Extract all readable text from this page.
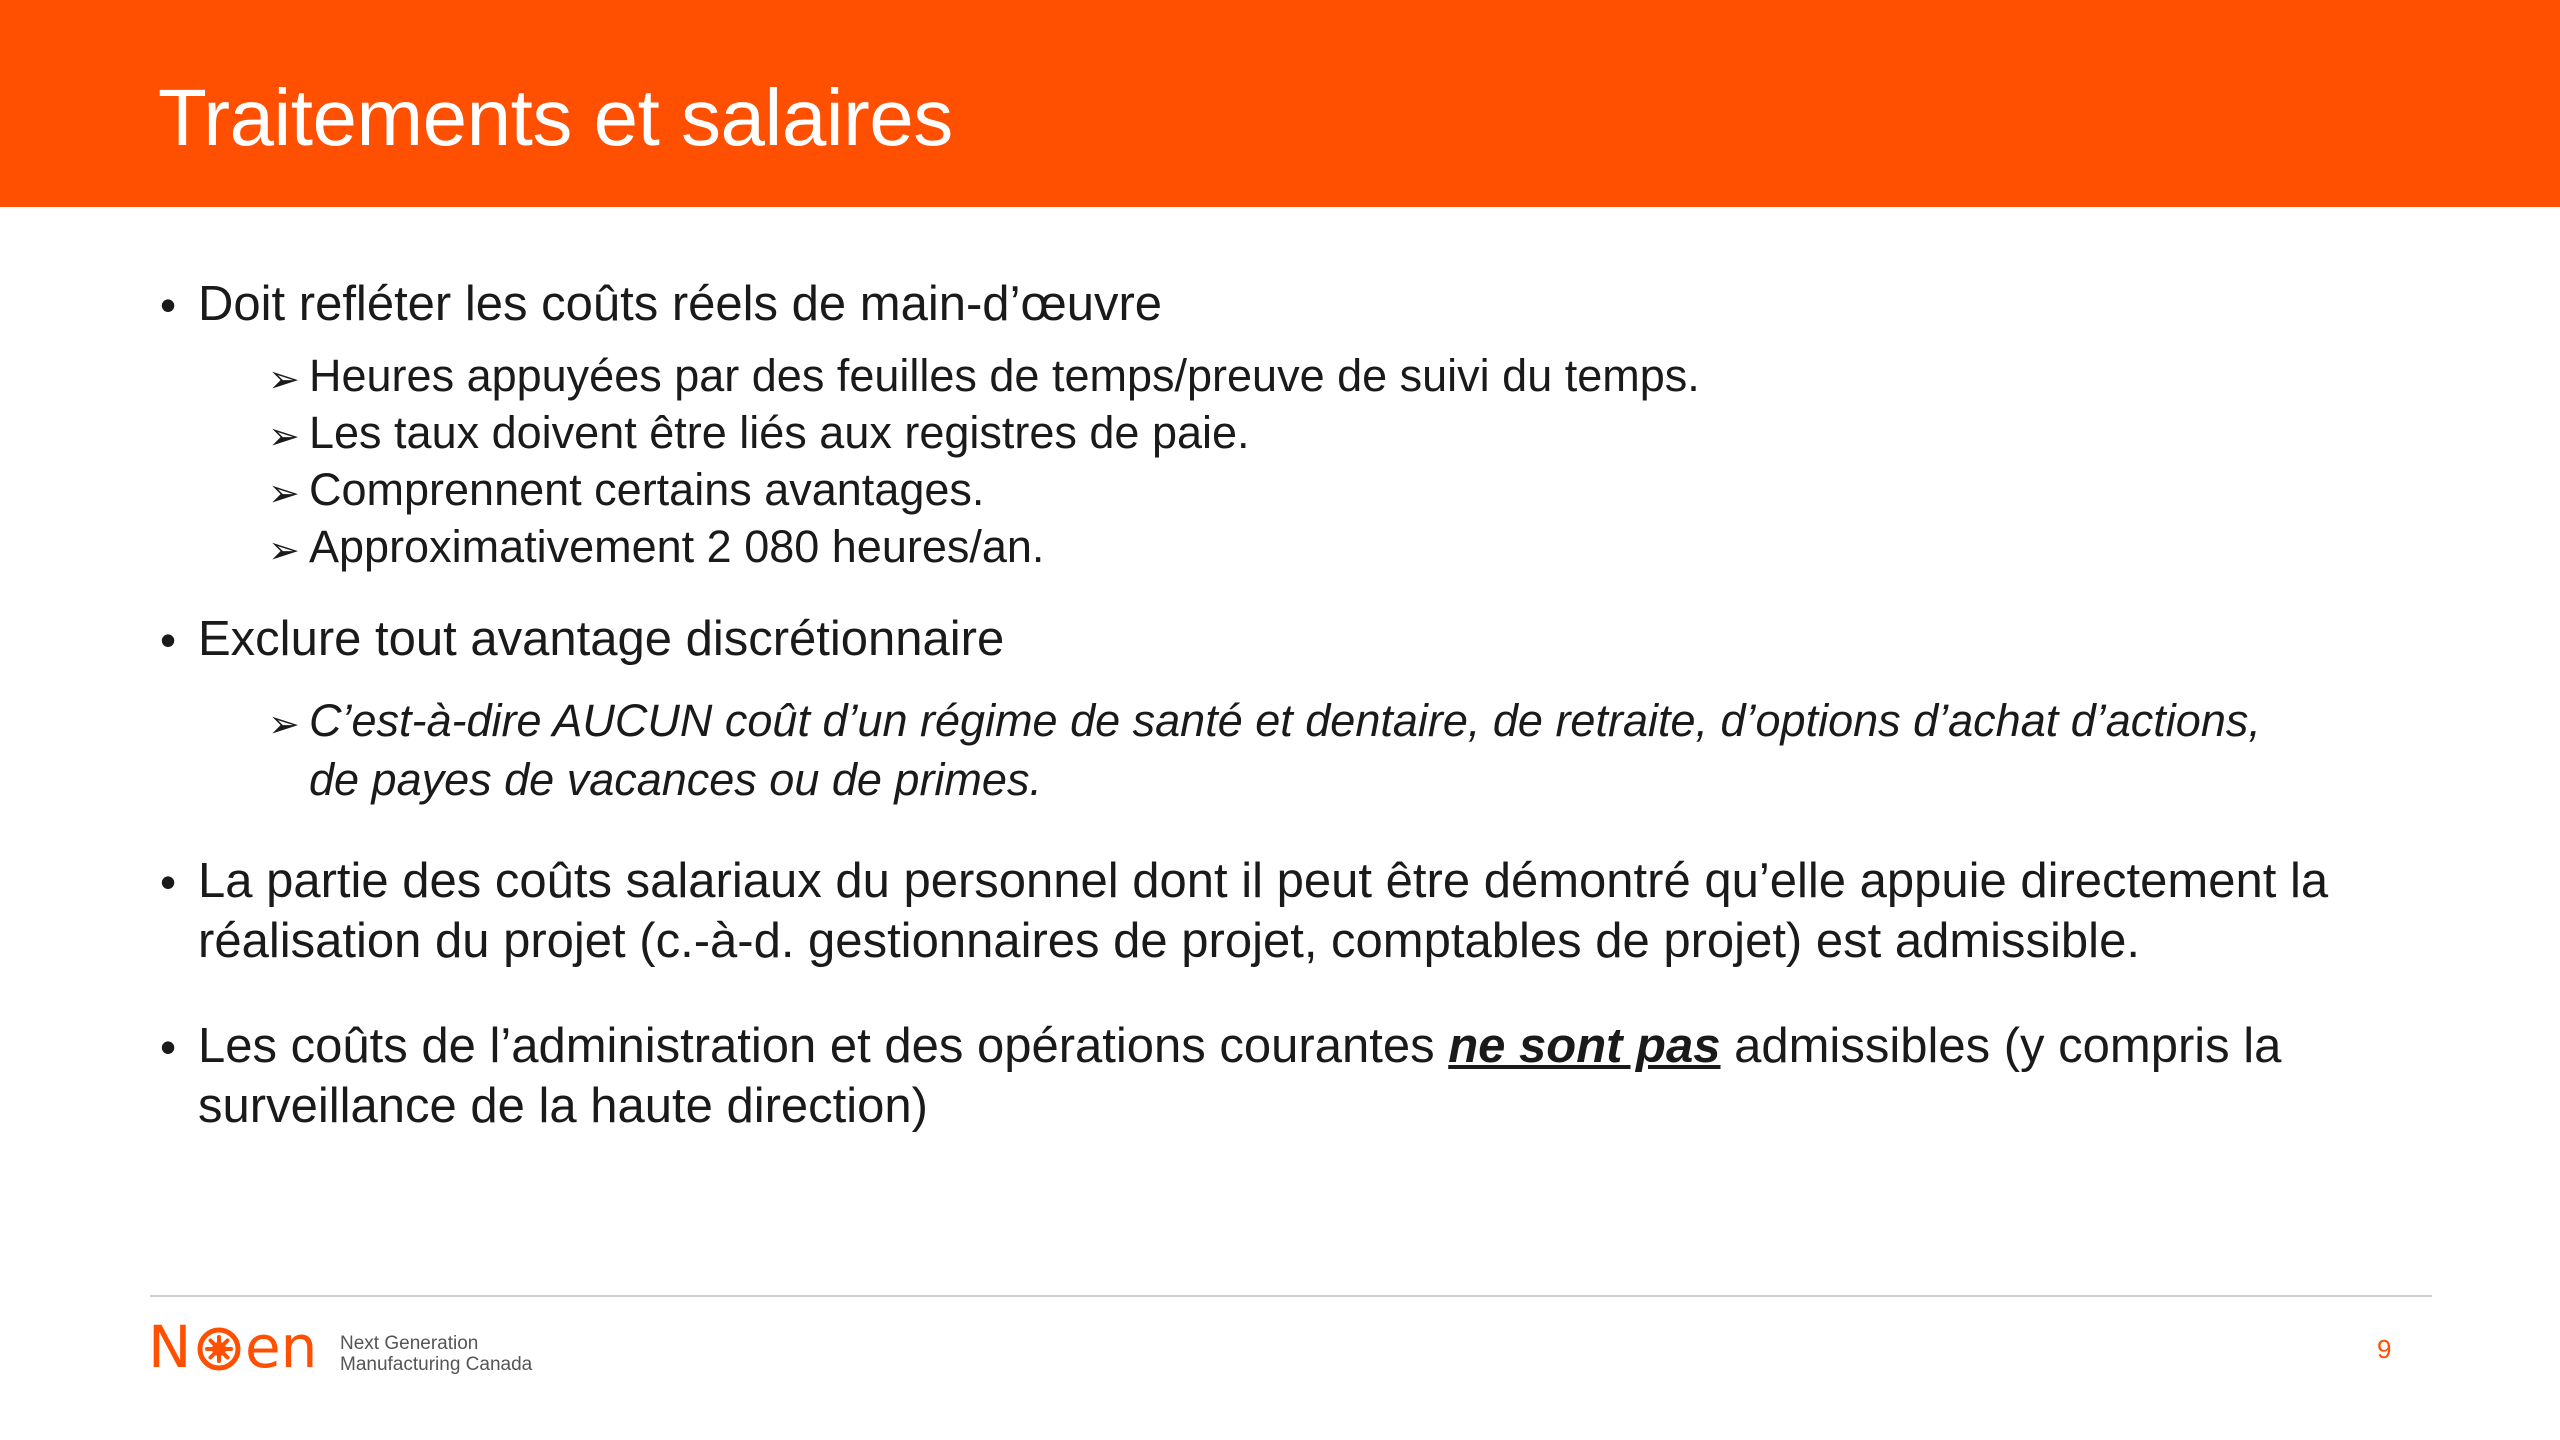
Traitements et salaires
• Doit refléter les coûts réels de main-d’œuvre
➢ Heures appuyées par des feuilles de temps/preuve de suivi du temps.
➢ Les taux doivent être liés aux registres de paie.
➢ Comprennent certains avantages.
➢ Approximativement 2 080 heures/an.
• Exclure tout avantage discrétionnaire
➢ C’est-à-dire AUCUN coût d’un régime de santé et dentaire, de retraite, d’options d’achat d’actions,
de payes de vacances ou de primes.
• La partie des coûts salariaux du personnel dont il peut être démontré qu’elle appuie directement la
réalisation du projet (c.-à-d. gestionnaires de projet, comptables de projet) est admissible.
• Les coûts de l’administration et des opérations courantes ne sont pas admissibles (y compris la
surveillance de la haute direction)
N en Next Generation
Manufacturing Canada
9
